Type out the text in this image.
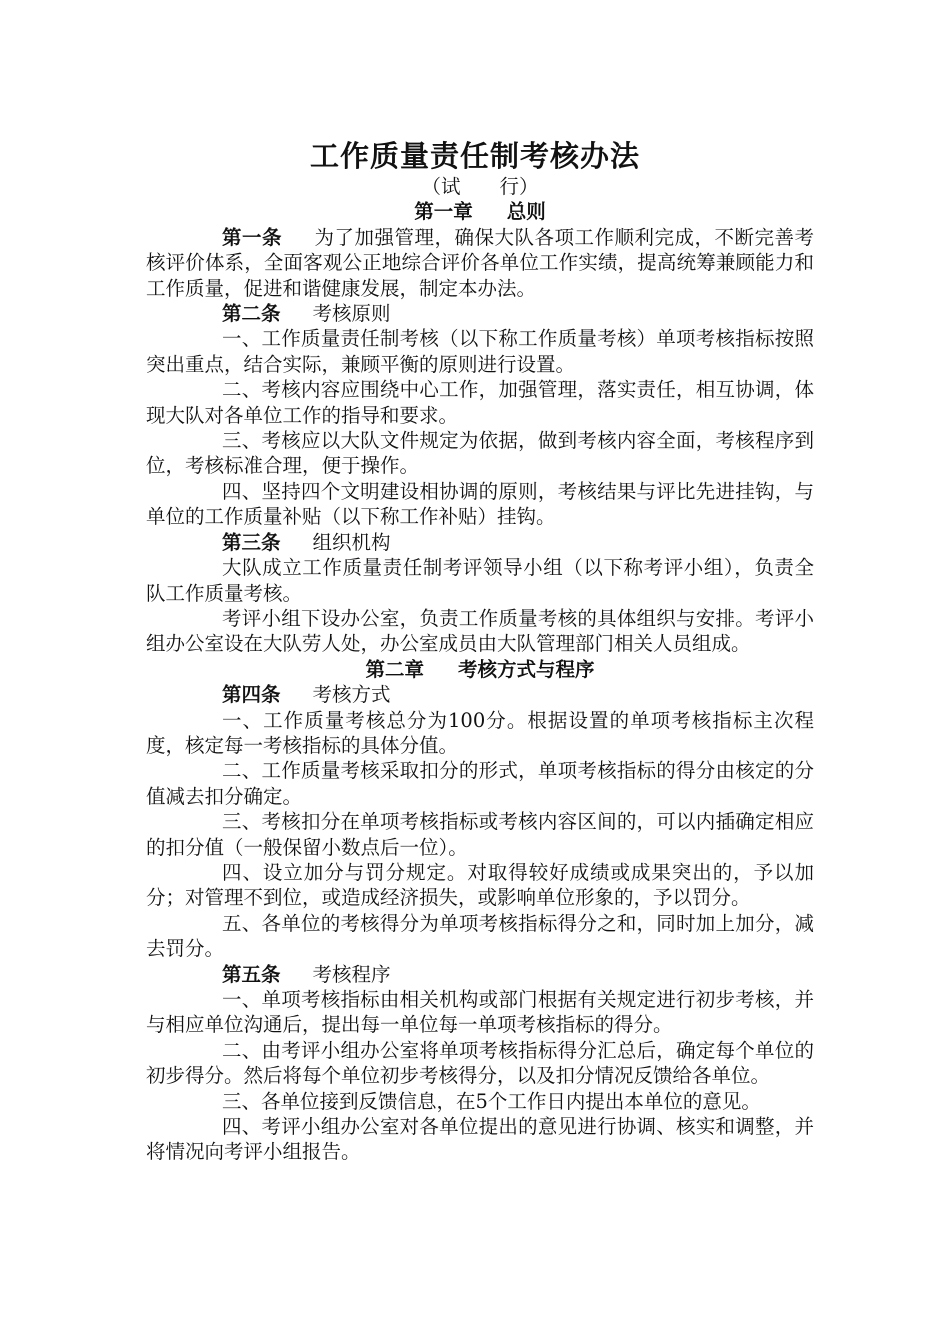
工作质量责任制考核办法
（试　　行）
第一章 总则
第一条 为了加强管理，确保大队各项工作顺利完成，不断完善考核评价体系，全面客观公正地综合评价各单位工作实绩，提高统筹兼顾能力和工作质量，促进和谐健康发展，制定本办法。
第二条 考核原则
一、工作质量责任制考核（以下称工作质量考核）单项考核指标按照突出重点，结合实际，兼顾平衡的原则进行设置。
二、考核内容应围绕中心工作，加强管理，落实责任，相互协调，体现大队对各单位工作的指导和要求。
三、考核应以大队文件规定为依据，做到考核内容全面，考核程序到位，考核标准合理，便于操作。
四、坚持四个文明建设相协调的原则，考核结果与评比先进挂钩，与单位的工作质量补贴（以下称工作补贴）挂钩。
第三条 组织机构
大队成立工作质量责任制考评领导小组（以下称考评小组），负责全队工作质量考核。
考评小组下设办公室，负责工作质量考核的具体组织与安排。考评小组办公室设在大队劳人处，办公室成员由大队管理部门相关人员组成。
第二章 考核方式与程序
第四条 考核方式
一、工作质量考核总分为100分。根据设置的单项考核指标主次程度，核定每一考核指标的具体分值。
二、工作质量考核采取扣分的形式，单项考核指标的得分由核定的分值减去扣分确定。
三、考核扣分在单项考核指标或考核内容区间的，可以内插确定相应的扣分值（一般保留小数点后一位）。
四、设立加分与罚分规定。对取得较好成绩或成果突出的，予以加分；对管理不到位，或造成经济损失，或影响单位形象的，予以罚分。
五、各单位的考核得分为单项考核指标得分之和，同时加上加分，减去罚分。
第五条 考核程序
一、单项考核指标由相关机构或部门根据有关规定进行初步考核，并与相应单位沟通后，提出每一单位每一单项考核指标的得分。
二、由考评小组办公室将单项考核指标得分汇总后，确定每个单位的初步得分。然后将每个单位初步考核得分，以及扣分情况反馈给各单位。
三、各单位接到反馈信息，在5个工作日内提出本单位的意见。
四、考评小组办公室对各单位提出的意见进行协调、核实和调整，并将情况向考评小组报告。
